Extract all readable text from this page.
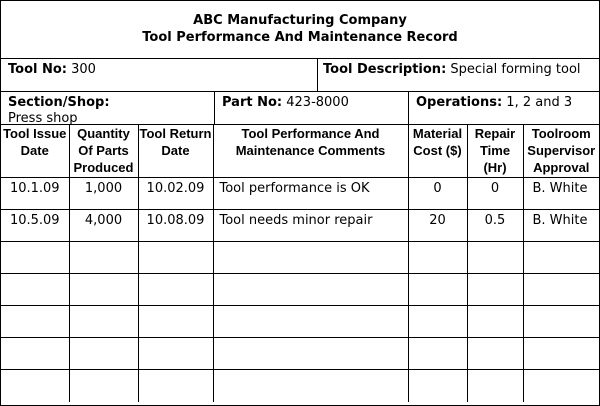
ABC Manufacturing Company
Tool Performance And Maintenance Record
Tool No: 300	Tool Description: Special forming tool
Section/Shop:
Press shop
Part No: 423-8000	Operations: 1, 2 and 3
Tool Issue Date	Quantity Of Parts Produced	Tool Return Date	Tool Performance And Maintenance Comments	Material Cost ($)	Repair Time (Hr)	Toolroom Supervisor Approval
10.1.09	1,000	10.02.09	Tool performance is OK	0	0	B. White
10.5.09	4,000	10.08.09	Tool needs minor repair	20	0.5	B. White
